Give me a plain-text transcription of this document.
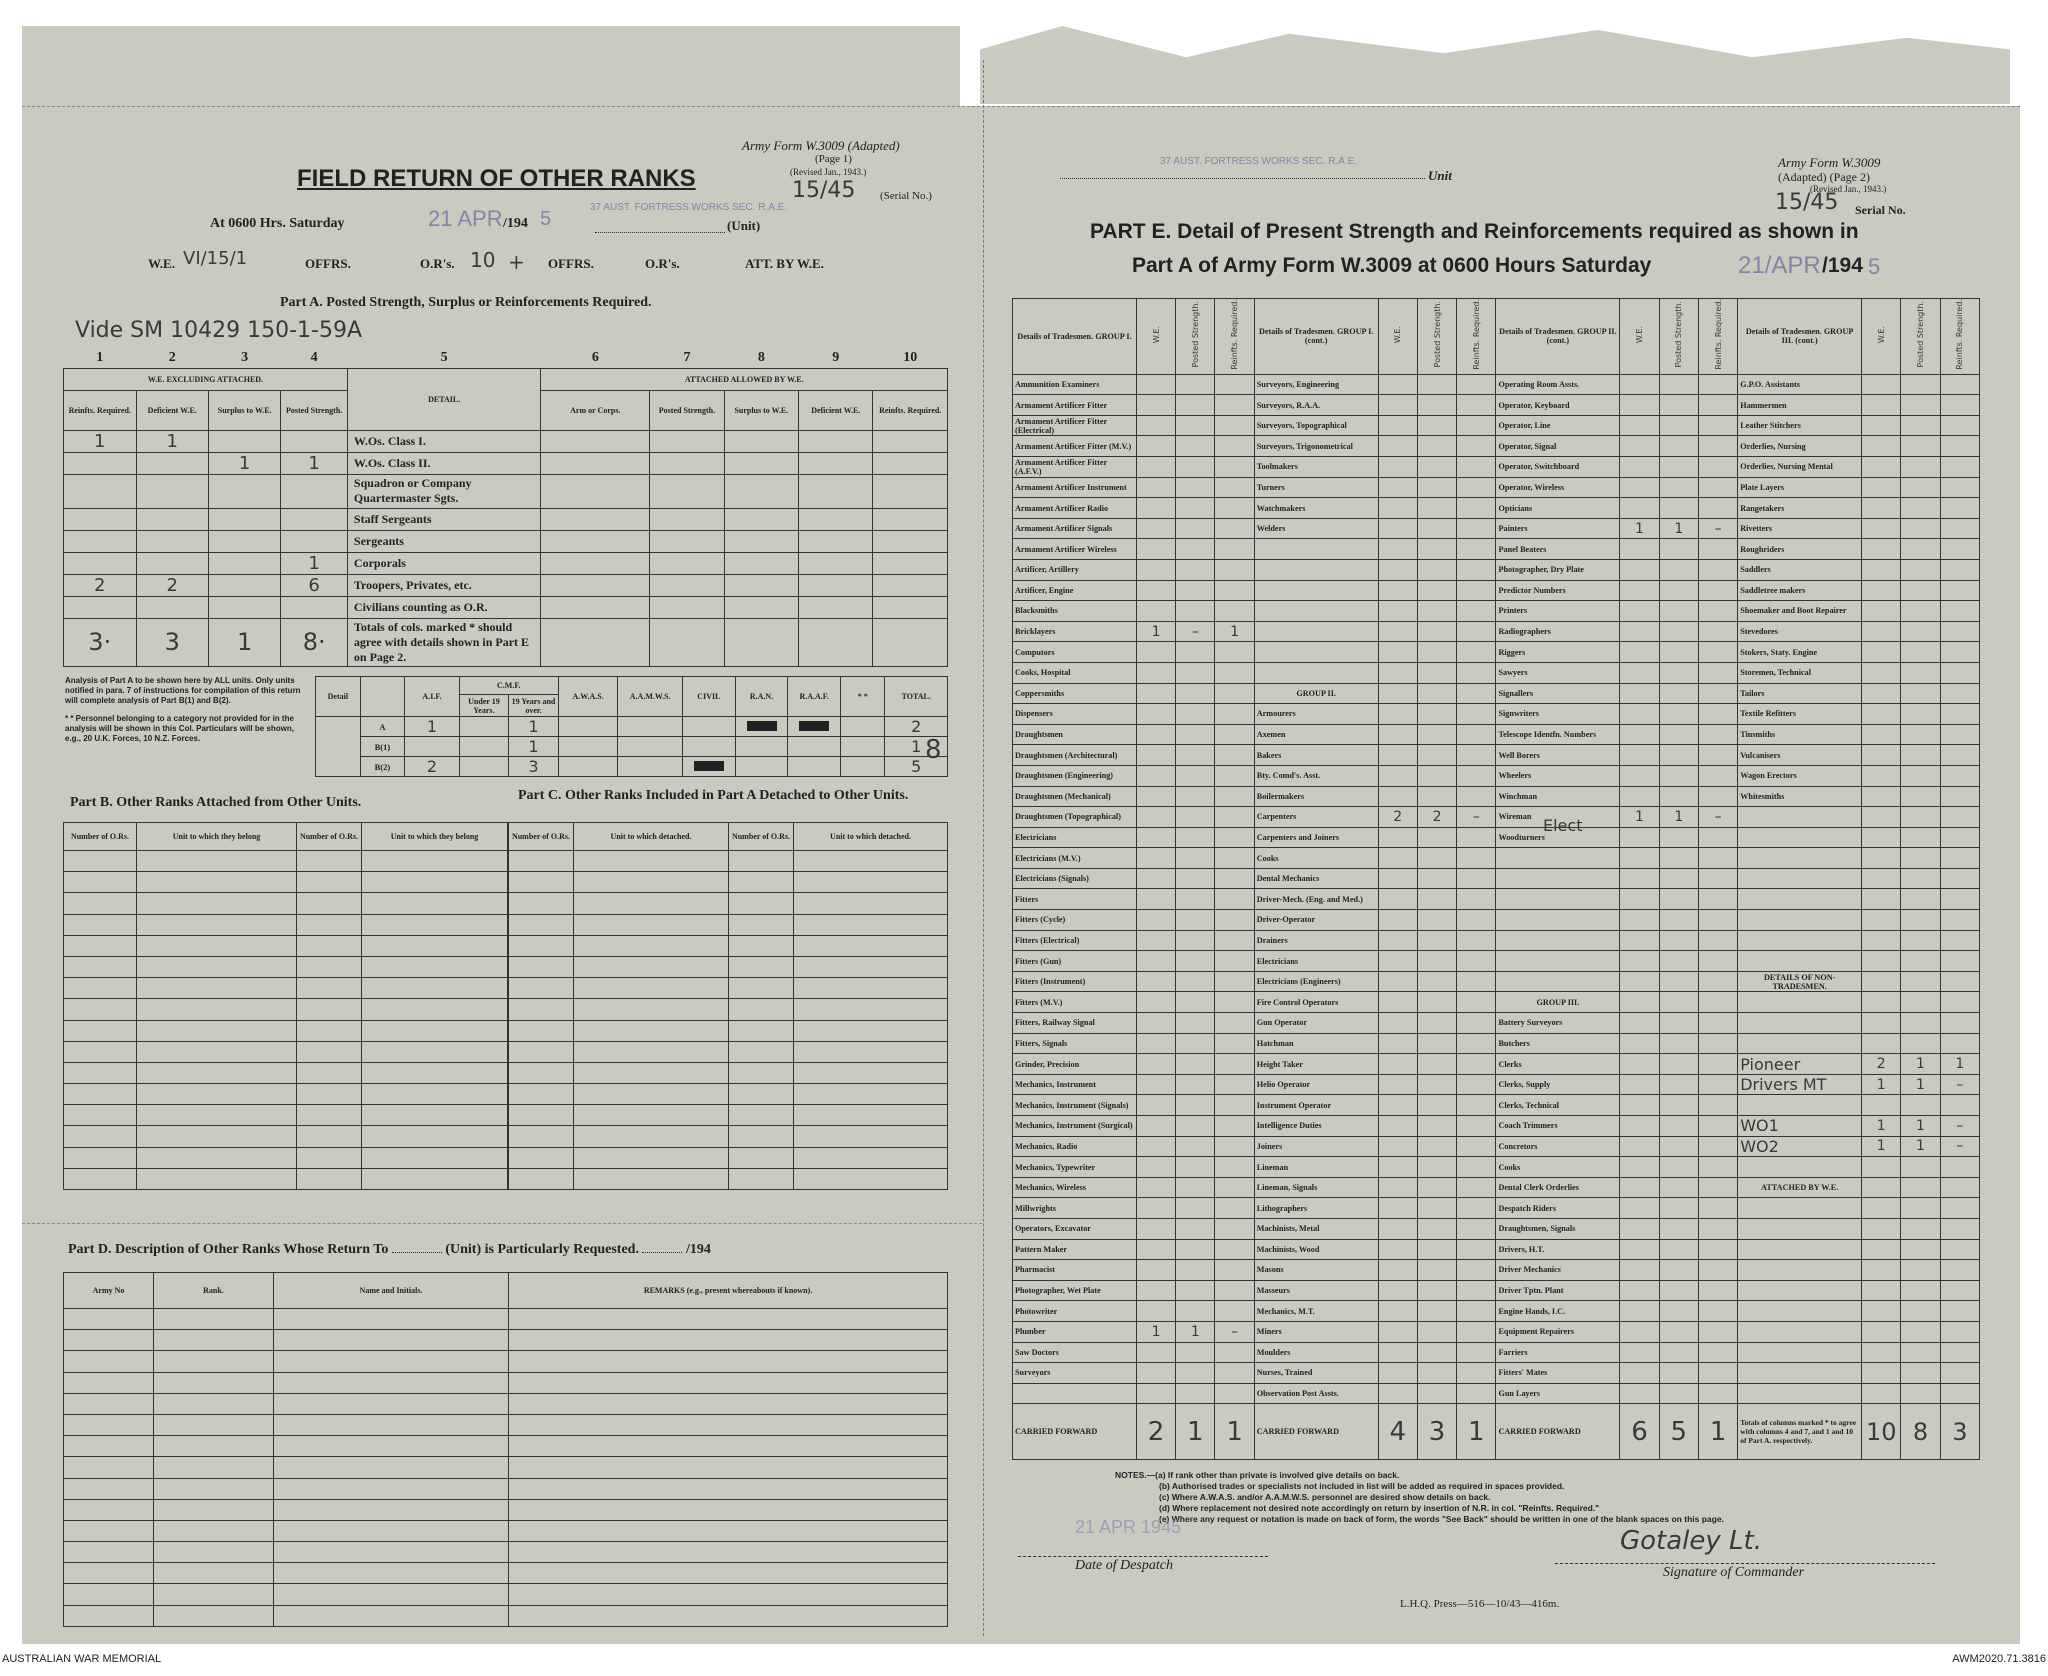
Army Form W.3009 (Adapted)
(Page 1)
(Revised Jan., 1943.)
15/45 (Serial No.)
FIELD RETURN OF OTHER RANKS
At 0600 Hrs. Saturday	21 APR /194 5
37 AUST. FORTRESS WORKS SEC. R.A.E.
(Unit)
W.E. VI/15/1	OFFRS.	O.R's. 10 + OFFRS.	O.R's.	ATT. BY W.E.
Part A. Posted Strength, Surplus or Reinforcements Required.
Vide SM 10429 150-1-59A
1	2	3	4	5	6	7	8	9	10
W.E. EXCLUDING ATTACHED.				DETAIL.	ATTACHED ALLOWED BY W.E.				
Reinfts. Required.	Deficient W.E.	Surplus to W.E.	Posted Strength.		Arm or Corps.	Posted Strength.	Surplus to W.E.	Deficient W.E.	Reinfts. Required.
1	1			W.Os. Class I.					
		1	1	W.Os. Class II.					
				Squadron or Company Quartermaster Sgts.					
				Staff Sergeants					
				Sergeants					
			1	Corporals					
2	2		6	Troopers, Privates, etc.					
				Civilians counting as O.R.					
3·	3	1	8·	Totals of cols. marked * should agree with details shown in Part E on Page 2.					
Analysis of Part A to be shown here by ALL units. Only units notified in para. 7 of instructions for compilation of this return will complete analysis of Part B(1) and B(2).
* * Personnel belonging to a category not provided for in the analysis will be shown in this Col. Particulars will be shown, e.g., 20 U.K. Forces, 10 N.Z. Forces.
Detail		A.I.F.	C.M.F.		A.W.A.S.	A.A.M.W.S.	CIVIL	R.A.N.	R.A.A.F.	* *	TOTAL.
			Under 19 Years.	19 Years and over.							
	A	1		1							2
	B(1)			1							1
	B(2)	2		3							5
8
Part B. Other Ranks Attached from Other Units.	Part C. Other Ranks Included in Part A Detached to Other Units.
Number of O.Rs.	Unit to which they belong	Number of O.Rs.	Unit to which they belong

				Number of O.Rs.	Unit to which detached.	Number of O.Rs.	Unit to which detached.

Part D. Description of Other Ranks Whose Return To	(Unit) is Particularly Requested.	/194
Army No	Rank.	Name and Initials.	REMARKS (e.g., present whereabouts if known).

37 AUST. FORTRESS WORKS SEC. R.A.E.
Unit
Army Form W.3009
(Adapted) (Page 2)
(Revised Jan., 1943.)
15/45 Serial No.
PART E. Detail of Present Strength and Reinforcements required as shown in
Part A of Army Form W.3009 at 0600 Hours Saturday	21/APR /194 5
Details of Tradesmen. GROUP I.	W.E.	Posted Strength.	Reinfts. Required.	Details of Tradesmen. GROUP I. (cont.)	W.E.	Posted Strength.	Reinfts. Required.	Details of Tradesmen. GROUP II. (cont.)	W.E.	Posted Strength.	Reinfts. Required.	Details of Tradesmen. GROUP III. (cont.)	W.E.	Posted Strength.	Reinfts. Required.
Ammunition Examiners				Surveyors, Engineering				Operating Room Assts.				G.P.O. Assistants			
Armament Artificer Fitter				Surveyors, R.A.A.				Operator, Keyboard				Hammermen			
Armament Artificer Fitter (Electrical)				Surveyors, Topographical				Operator, Line				Leather Stitchers			
Armament Artificer Fitter (M.V.)				Surveyors, Trigonometrical				Operator, Signal				Orderlies, Nursing			
Armament Artificer Fitter (A.F.V.)				Toolmakers				Operator, Switchboard				Orderlies, Nursing Mental			
Armament Artificer Instrument				Turners				Operator, Wireless				Plate Layers			
Armament Artificer Radio				Watchmakers				Opticians				Rangetakers			
Armament Artificer Signals				Welders				Painters	1	1	–	Rivetters			
Armament Artificer Wireless								Panel Beaters				Roughriders			
Artificer, Artillery								Photographer, Dry Plate				Saddlers			
Artificer, Engine								Predictor Numbers				Saddletree makers			
Blacksmiths								Printers				Shoemaker and Boot Repairer			
Bricklayers	1	–	1					Radiographers				Stevedores			
Computors								Riggers				Stokers, Staty. Engine			
Cooks, Hospital								Sawyers				Storemen, Technical			
Coppersmiths				GROUP II.				Signallers				Tailors			
Dispensers				Armourers				Signwriters				Textile Refitters			
Draughtsmen				Axemen				Telescope Identfn. Numbers				Tinsmiths			
Draughtsmen (Architectural)				Bakers				Well Borers				Vulcanisers			
Draughtsmen (Engineering)				Bty. Comd's. Asst.				Wheelers				Wagon Erectors			
Draughtsmen (Mechanical)				Boilermakers				Winchman				Whitesmiths			
Draughtsmen (Topographical)				Carpenters	2	2	–	Wireman	1	1	–				
Electricians				Carpenters and Joiners				Woodturners							
Electricians (M.V.)				Cooks											
Electricians (Signals)				Dental Mechanics											
Fitters				Driver-Mech. (Eng. and Med.)											
Fitters (Cycle)				Driver-Operator											
Fitters (Electrical)				Drainers											
Fitters (Gun)				Electricians											
Fitters (Instrument)				Electricians (Engineers)								DETAILS OF NON-TRADESMEN.			
Fitters (M.V.)				Fire Control Operators				GROUP III.							
Fitters, Railway Signal				Gun Operator				Battery Surveyors							
Fitters, Signals				Hatchman				Butchers							
Grinder, Precision				Height Taker				Clerks				Pioneer	2	1	1
Mechanics, Instrument				Helio Operator				Clerks, Supply				Drivers MT	1	1	–
Mechanics, Instrument (Signals)				Instrument Operator				Clerks, Technical							
Mechanics, Instrument (Surgical)				Intelligence Duties				Coach Trimmers				WO1	1	1	–
Mechanics, Radio				Joiners				Concretors				WO2	1	1	–
Mechanics, Typewriter				Lineman				Cooks							
Mechanics, Wireless				Lineman, Signals				Dental Clerk Orderlies				ATTACHED BY W.E.			
Millwrights				Lithographers				Despatch Riders							
Operators, Excavator				Machinists, Metal				Draughtsmen, Signals							
Pattern Maker				Machinists, Wood				Drivers, H.T.							
Pharmacist				Masons				Driver Mechanics							
Photographer, Wet Plate				Masseurs				Driver Tptn. Plant							
Photowriter				Mechanics, M.T.				Engine Hands, I.C.							
Plumber	1	1	–	Miners				Equipment Repairers							
Saw Doctors				Moulders				Farriers							
Surveyors				Nurses, Trained				Fitters' Mates							
				Observation Post Assts.				Gun Layers							
CARRIED FORWARD	2	1	1	CARRIED FORWARD	4	3	1	CARRIED FORWARD	6	5	1	Totals of columns marked * to agree with columns 4 and 7, and 1 and 10 of Part A. respectively.	10	8	3
Elect
NOTES.—(a) If rank other than private is involved give details on back.
(b) Authorised trades or specialists not included in list will be added as required in spaces provided.
(c) Where A.W.A.S. and/or A.A.M.W.S. personnel are desired show details on back.
(d) Where replacement not desired note accordingly on return by insertion of N.R. in col. "Reinfts. Required."
(e) Where any request or notation is made on back of form, the words "See Back" should be written in one of the blank spaces on this page.
21 APR 1945
Date of Despatch
Gotaley Lt.
Signature of Commander
L.H.Q. Press—516—10/43—416m.
AUSTRALIAN WAR MEMORIAL	AWM2020.71.3816
